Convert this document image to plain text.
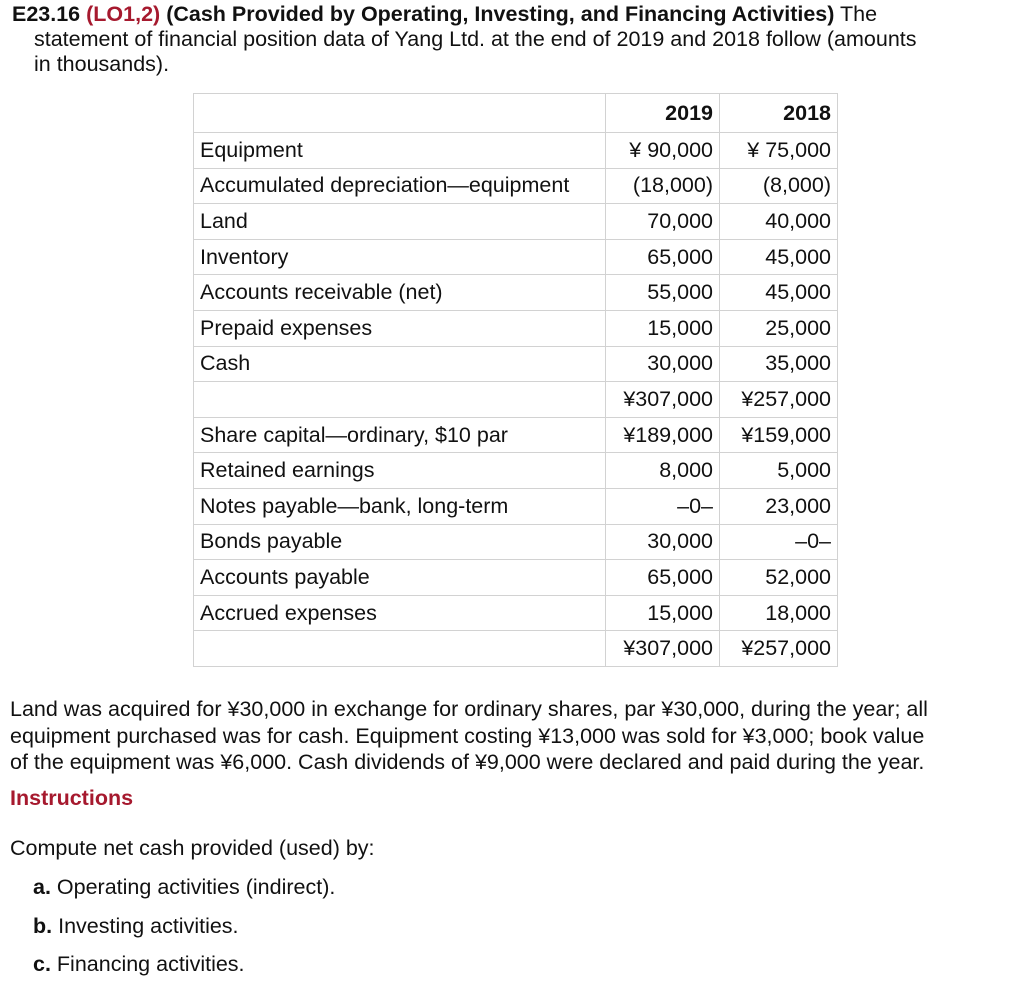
E23.16 (LO1,2) (Cash Provided by Operating, Investing, and Financing Activities) The
statement of financial position data of Yang Ltd. at the end of 2019 and 2018 follow (amounts
in thousands).
	2019	2018
Equipment	¥ 90,000	¥ 75,000
Accumulated depreciation—equipment	(18,000)	(8,000)
Land	70,000	40,000
Inventory	65,000	45,000
Accounts receivable (net)	55,000	45,000
Prepaid expenses	15,000	25,000
Cash	30,000	35,000
	¥307,000	¥257,000
Share capital—ordinary, $10 par	¥189,000	¥159,000
Retained earnings	8,000	5,000
Notes payable—bank, long-term	–0–	23,000
Bonds payable	30,000	–0–
Accounts payable	65,000	52,000
Accrued expenses	15,000	18,000
	¥307,000	¥257,000
Land was acquired for ¥30,000 in exchange for ordinary shares, par ¥30,000, during the year; all
equipment purchased was for cash. Equipment costing ¥13,000 was sold for ¥3,000; book value
of the equipment was ¥6,000. Cash dividends of ¥9,000 were declared and paid during the year.
Instructions
Compute net cash provided (used) by:
a. Operating activities (indirect).
b. Investing activities.
c. Financing activities.
